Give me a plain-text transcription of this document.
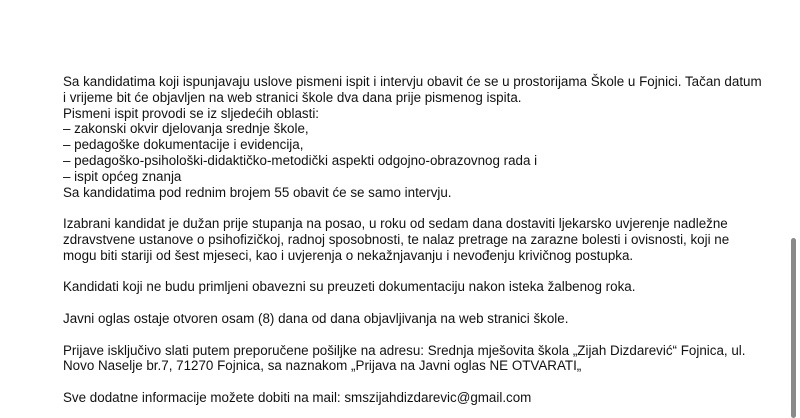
Sa kandidatima koji ispunjavaju uslove pismeni ispit i intervju obavit će se u prostorijama Škole u Fojnici. Tačan datum

i vrijeme bit će objavljen na web stranici škole dva dana prije pismenog ispita.

Pismeni ispit provodi se iz sljedećih oblasti:

– zakonski okvir djelovanja srednje škole,

– pedagoške dokumentacije i evidencija,

– pedagoško-psihološki-didaktičko-metodički aspekti odgojno-obrazovnog rada i

– ispit općeg znanja

Sa kandidatima pod rednim brojem 55 obavit će se samo intervju.

Izabrani kandidat je dužan prije stupanja na posao, u roku od sedam dana dostaviti ljekarsko uvjerenje nadležne

zdravstvene ustanove o psihofizičkoj, radnoj sposobnosti, te nalaz pretrage na zarazne bolesti i ovisnosti, koji ne

mogu biti stariji od šest mjeseci, kao i uvjerenja o nekažnjavanju i nevođenju krivičnog postupka.

Kandidati koji ne budu primljeni obavezni su preuzeti dokumentaciju nakon isteka žalbenog roka.

Javni oglas ostaje otvoren osam (8) dana od dana objavljivanja na web stranici škole.

Prijave isključivo slati putem preporučene pošiljke na adresu: Srednja mješovita škola „Zijah Dizdarević“ Fojnica, ul.

Novo Naselje br.7, 71270 Fojnica, sa naznakom „Prijava na Javni oglas NE OTVARATI„

Sve dodatne informacije možete dobiti na mail: smszijahdizdarevic@gmail.com
